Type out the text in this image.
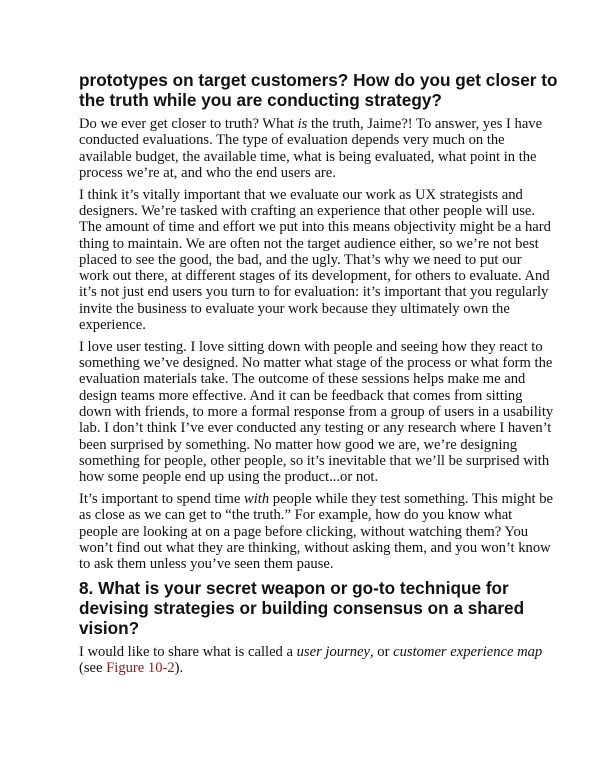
prototypes on target customers? How do you get closer to
the truth while you are conducting strategy?

Do we ever get closer to truth? What is the truth, Jaime?! To answer, yes I have
conducted evaluations. The type of evaluation depends very much on the
available budget, the available time, what is being evaluated, what point in the
process we’re at, and who the end users are.

I think it’s vitally important that we evaluate our work as UX strategists and
designers. We’re tasked with crafting an experience that other people will use.
The amount of time and effort we put into this means objectivity might be a hard
thing to maintain. We are often not the target audience either, so we’re not best
placed to see the good, the bad, and the ugly. That’s why we need to put our
work out there, at different stages of its development, for others to evaluate. And
it’s not just end users you turn to for evaluation: it’s important that you regularly
invite the business to evaluate your work because they ultimately own the
experience.

I love user testing. I love sitting down with people and seeing how they react to
something we’ve designed. No matter what stage of the process or what form the
evaluation materials take. The outcome of these sessions helps make me and
design teams more effective. And it can be feedback that comes from sitting
down with friends, to more a formal response from a group of users in a usability
lab. I don’t think I’ve ever conducted any testing or any research where I haven’t
been surprised by something. No matter how good we are, we’re designing
something for people, other people, so it’s inevitable that we’ll be surprised with
how some people end up using the product...or not.

It’s important to spend time with people while they test something. This might be
as close as we can get to “the truth.” For example, how do you know what
people are looking at on a page before clicking, without watching them? You
won’t find out what they are thinking, without asking them, and you won’t know
to ask them unless you’ve seen them pause.

8. What is your secret weapon or go-to technique for
devising strategies or building consensus on a shared
vision?

I would like to share what is called a user journey, or customer experience map
(see Figure 10-2).
